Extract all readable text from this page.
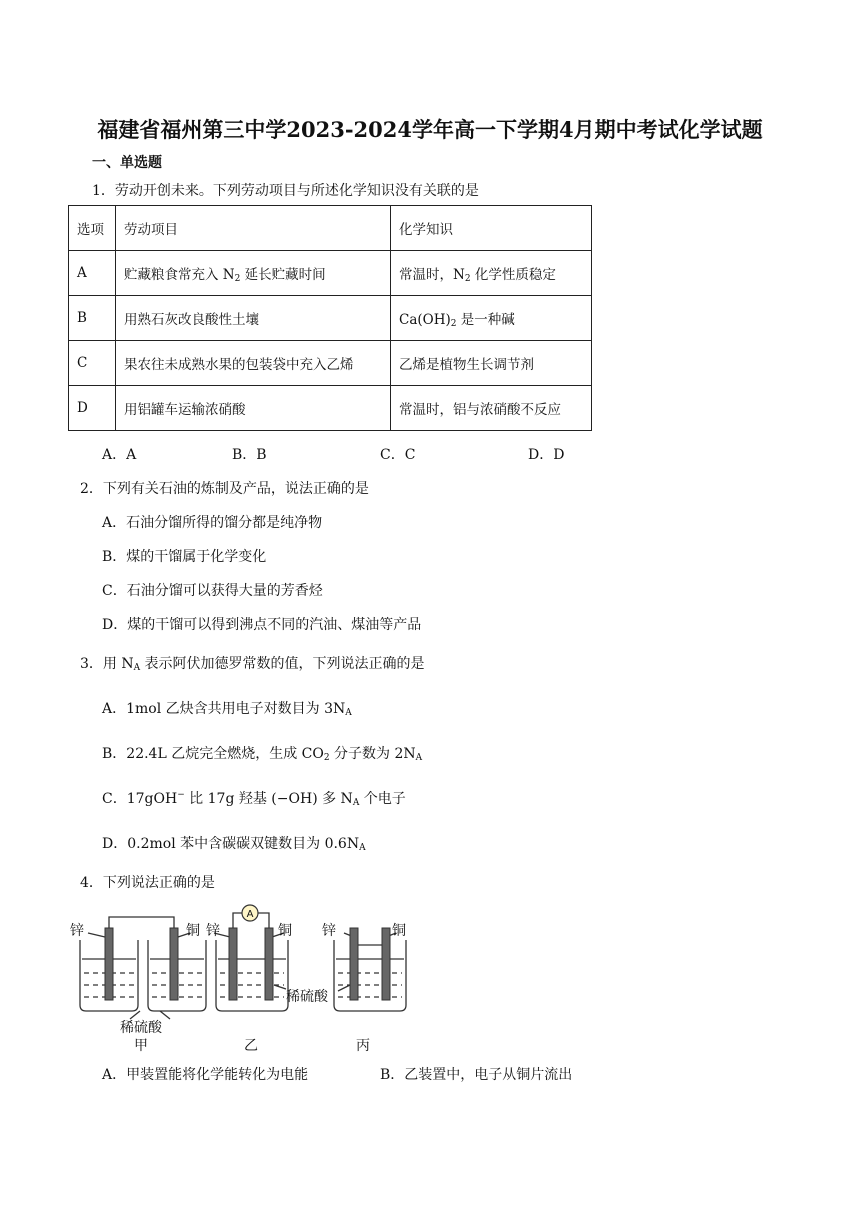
福建省福州第三中学2023-2024学年高一下学期4月期中考试化学试题
一、单选题
1．劳动开创未来。下列劳动项目与所述化学知识没有关联的是
选项	劳动项目	化学知识
A	贮藏粮食常充入 $N_2$ 延长贮藏时间	常温时，$N_2$ 化学性质稳定
B	用熟石灰改良酸性土壤	$Ca(OH)_2$ 是一种碱
C	果农往未成熟水果的包装袋中充入乙烯	乙烯是植物生长调节剂
D	用铝罐车运输浓硝酸	常温时，铝与浓硝酸不反应
A．A	B．B	C．C	D．D
2．下列有关石油的炼制及产品，说法正确的是
A．石油分馏所得的馏分都是纯净物
B．煤的干馏属于化学变化
C．石油分馏可以获得大量的芳香烃
D．煤的干馏可以得到沸点不同的汽油、煤油等产品
3．用 $N_A$ 表示阿伏加德罗常数的值，下列说法正确的是
A．1mol 乙炔含共用电子对数目为 $3N_A$
B．22.4L 乙烷完全燃烧，生成 $CO_2$ 分子数为 $2N_A$
C．17gOH− 比 17g 羟基 (−OH) 多 $N_A$ 个电子
D．0.2mol 苯中含碳碳双键数目为 $0.6N_A$
4．下列说法正确的是
A
锌	铜 锌	铜 锌	铜
稀硫酸
稀硫酸
甲	乙	丙
A．甲装置能将化学能转化为电能	B．乙装置中，电子从铜片流出
